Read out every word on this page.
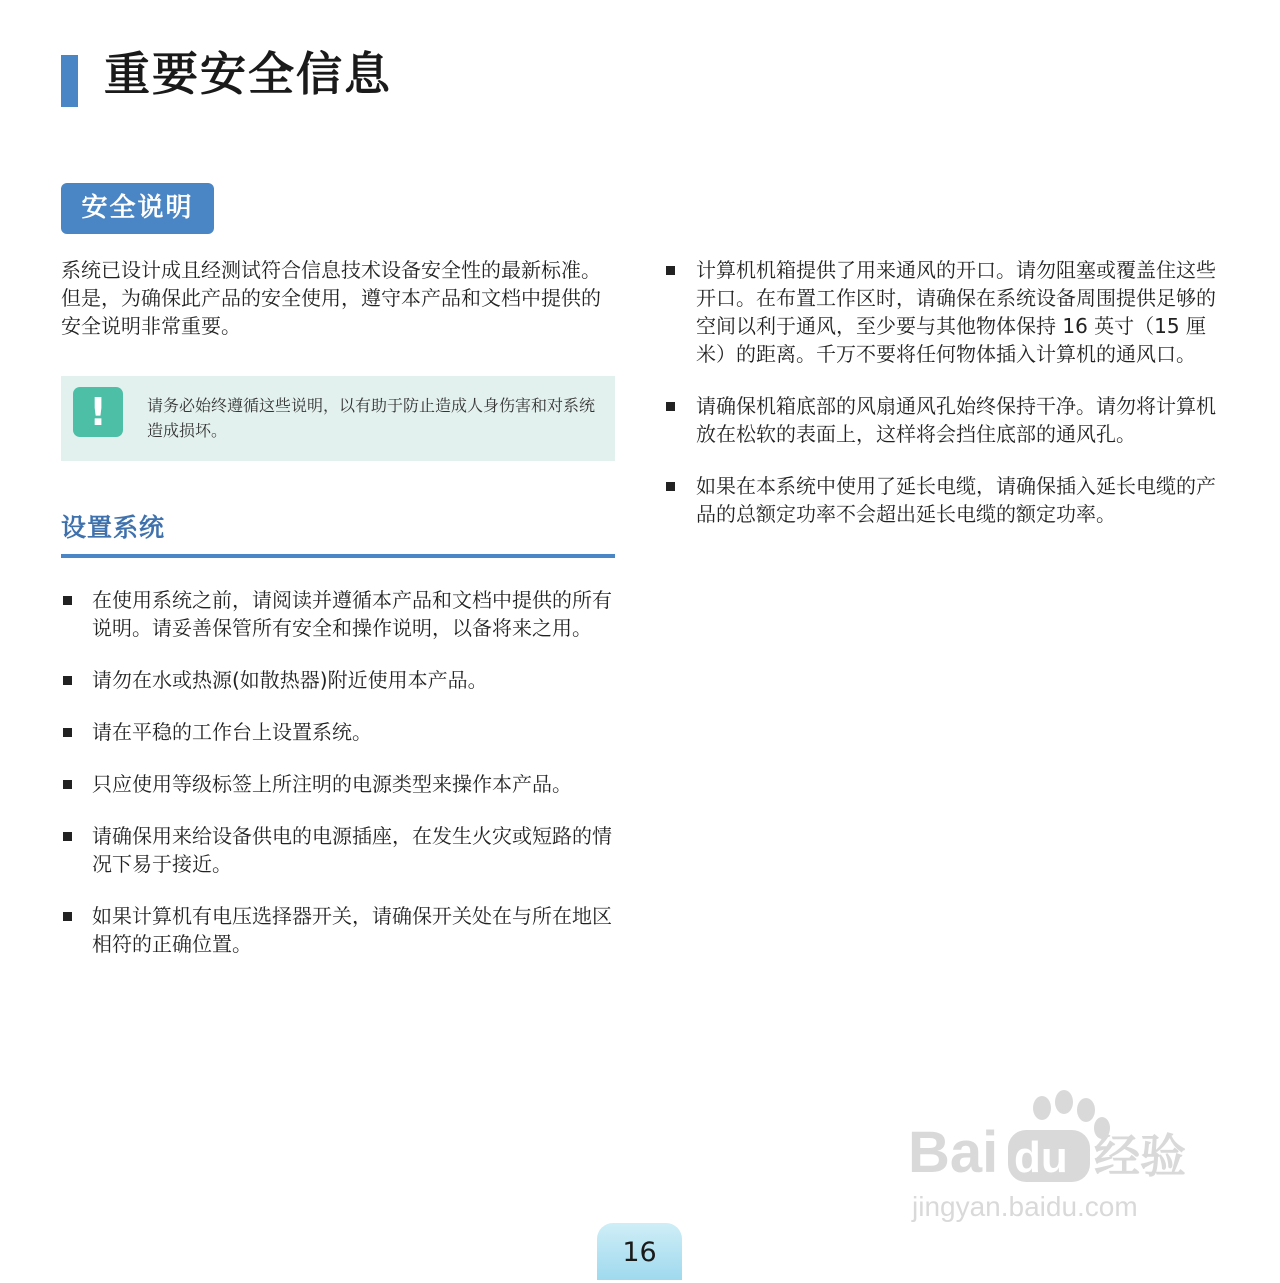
重要安全信息
安全说明

系统已设计成且经测试符合信息技术设备安全性的最新标准。但是，为确保此产品的安全使用，遵守本产品和文档中提供的安全说明非常重要。

!	请务必始终遵循这些说明，以有助于防止造成人身伤害和对系统造成损坏。

设置系统
在使用系统之前，请阅读并遵循本产品和文档中提供的所有说明。请妥善保管所有安全和操作说明，以备将来之用。
请勿在水或热源(如散热器)附近使用本产品。
请在平稳的工作台上设置系统。
只应使用等级标签上所注明的电源类型来操作本产品。
请确保用来给设备供电的电源插座，在发生火灾或短路的情况下易于接近。
如果计算机有电压选择器开关，请确保开关处在与所在地区相符的正确位置。
计算机机箱提供了用来通风的开口。请勿阻塞或覆盖住这些开口。在布置工作区时，请确保在系统设备周围提供足够的空间以利于通风，至少要与其他物体保持 16 英寸（15 厘米）的距离。千万不要将任何物体插入计算机的通风口。
请确保机箱底部的风扇通风孔始终保持干净。请勿将计算机放在松软的表面上，这样将会挡住底部的通风孔。
如果在本系统中使用了延长电缆，请确保插入延长电缆的产品的总额定功率不会超出延长电缆的额定功率。
Bai du 经验
jingyan.baidu.com
16
